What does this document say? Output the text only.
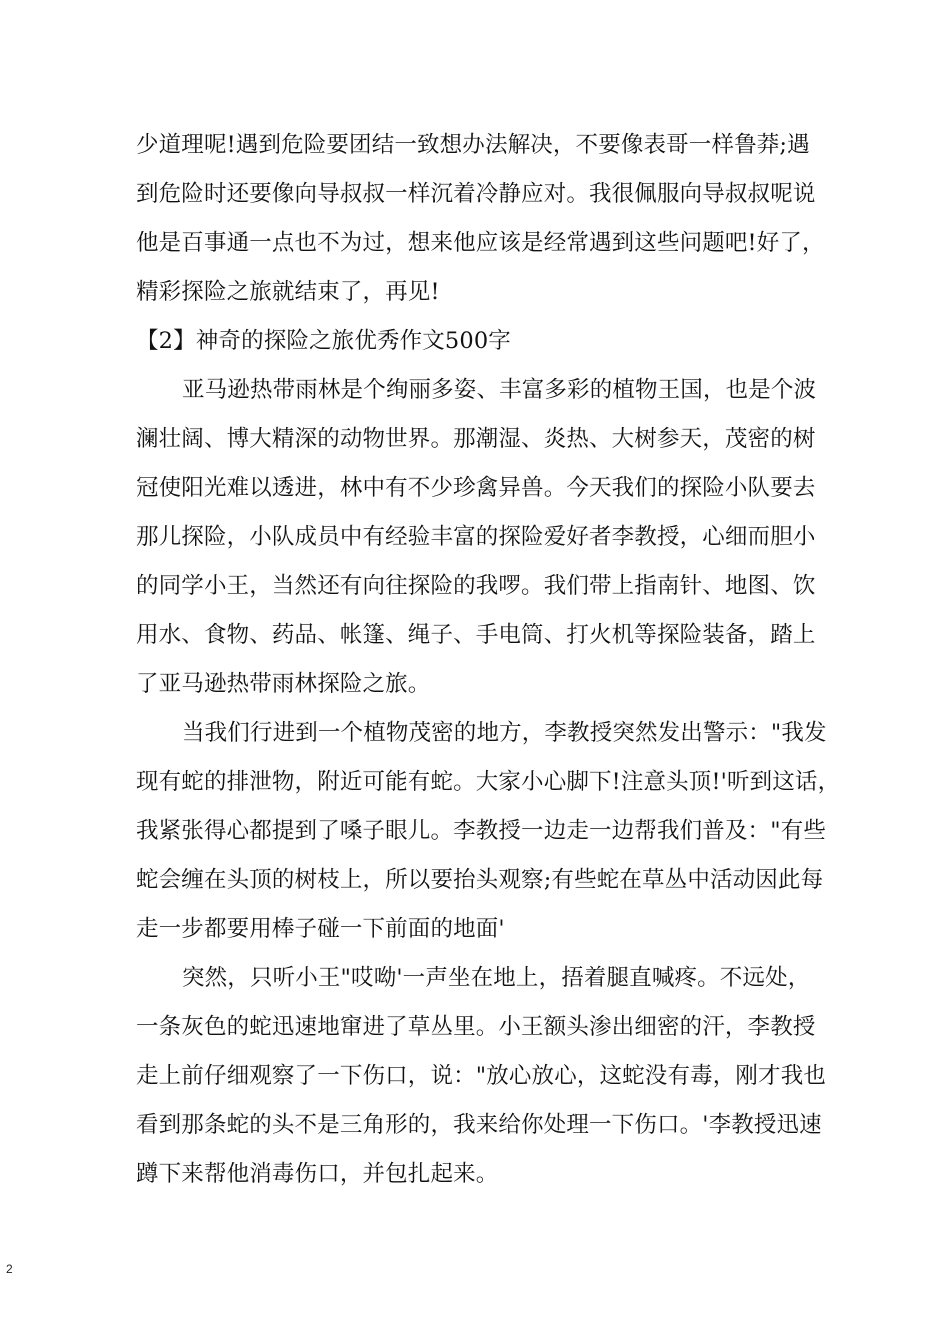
少道理呢!遇到危险要团结一致想办法解决，不要像表哥一样鲁莽;遇
到危险时还要像向导叔叔一样沉着冷静应对。我很佩服向导叔叔呢说
他是百事通一点也不为过，想来他应该是经常遇到这些问题吧!好了，
精彩探险之旅就结束了，再见!
【2】神奇的探险之旅优秀作文500字
亚马逊热带雨林是个绚丽多姿、丰富多彩的植物王国，也是个波
澜壮阔、博大精深的动物世界。那潮湿、炎热、大树参天，茂密的树
冠使阳光难以透进，林中有不少珍禽异兽。今天我们的探险小队要去
那儿探险，小队成员中有经验丰富的探险爱好者李教授，心细而胆小
的同学小王，当然还有向往探险的我啰。我们带上指南针、地图、饮
用水、食物、药品、帐篷、绳子、手电筒、打火机等探险装备，踏上
了亚马逊热带雨林探险之旅。
当我们行进到一个植物茂密的地方，李教授突然发出警示："我发
现有蛇的排泄物，附近可能有蛇。大家小心脚下!注意头顶!'听到这话，
我紧张得心都提到了嗓子眼儿。李教授一边走一边帮我们普及："有些
蛇会缠在头顶的树枝上，所以要抬头观察;有些蛇在草丛中活动因此每
走一步都要用棒子碰一下前面的地面'
突然，只听小王"哎呦'一声坐在地上，捂着腿直喊疼。不远处，
一条灰色的蛇迅速地窜进了草丛里。小王额头渗出细密的汗，李教授
走上前仔细观察了一下伤口，说："放心放心，这蛇没有毒，刚才我也
看到那条蛇的头不是三角形的，我来给你处理一下伤口。'李教授迅速
蹲下来帮他消毒伤口，并包扎起来。
2
